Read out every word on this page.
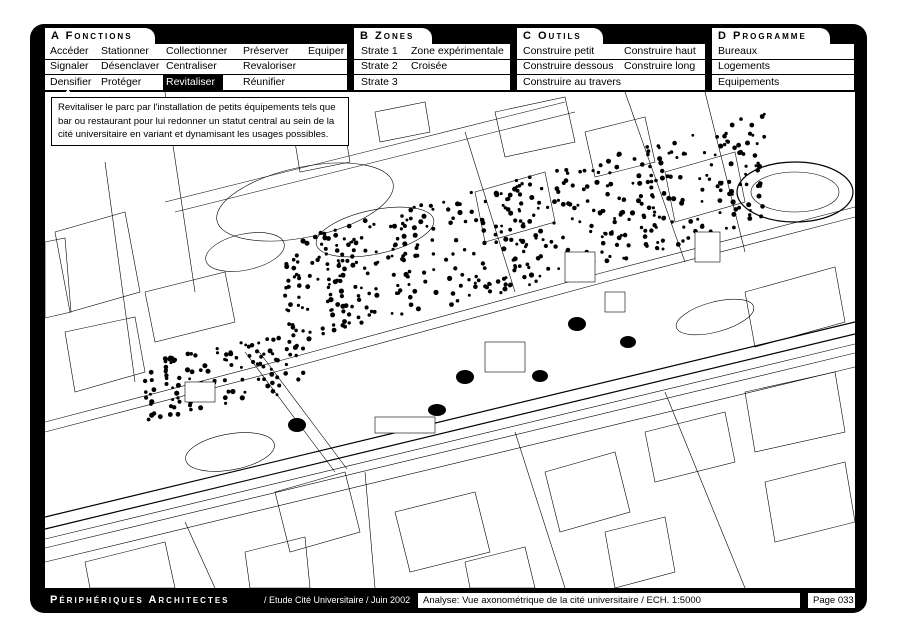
Revitaliser le parc par l'installation de petits équipements tels que bar ou restaurant pour lui redonner un statut central au sein de la cité universitaire en variant et dynamisant les usages possibles.
A Fonctions
Accéder Stationner Collectionner Préserver Equiper
Signaler Désenclaver Centraliser Revaloriser
Densifier Protéger Revitaliser	Réunifier
B Zones
Strate 1 Zone expérimentale
Strate 2 Croisée
Strate 3
C Outils
Construire petit	Construire haut
Construire dessous Construire long
Construire au travers
D Programme
Bureaux
Logements
Equipements
Périphériques Architectes	/ Etude Cité Universitaire / Juin 2002	Analyse: Vue axonométrique de la cité universitaire / ECH. 1:5000	Page 033
